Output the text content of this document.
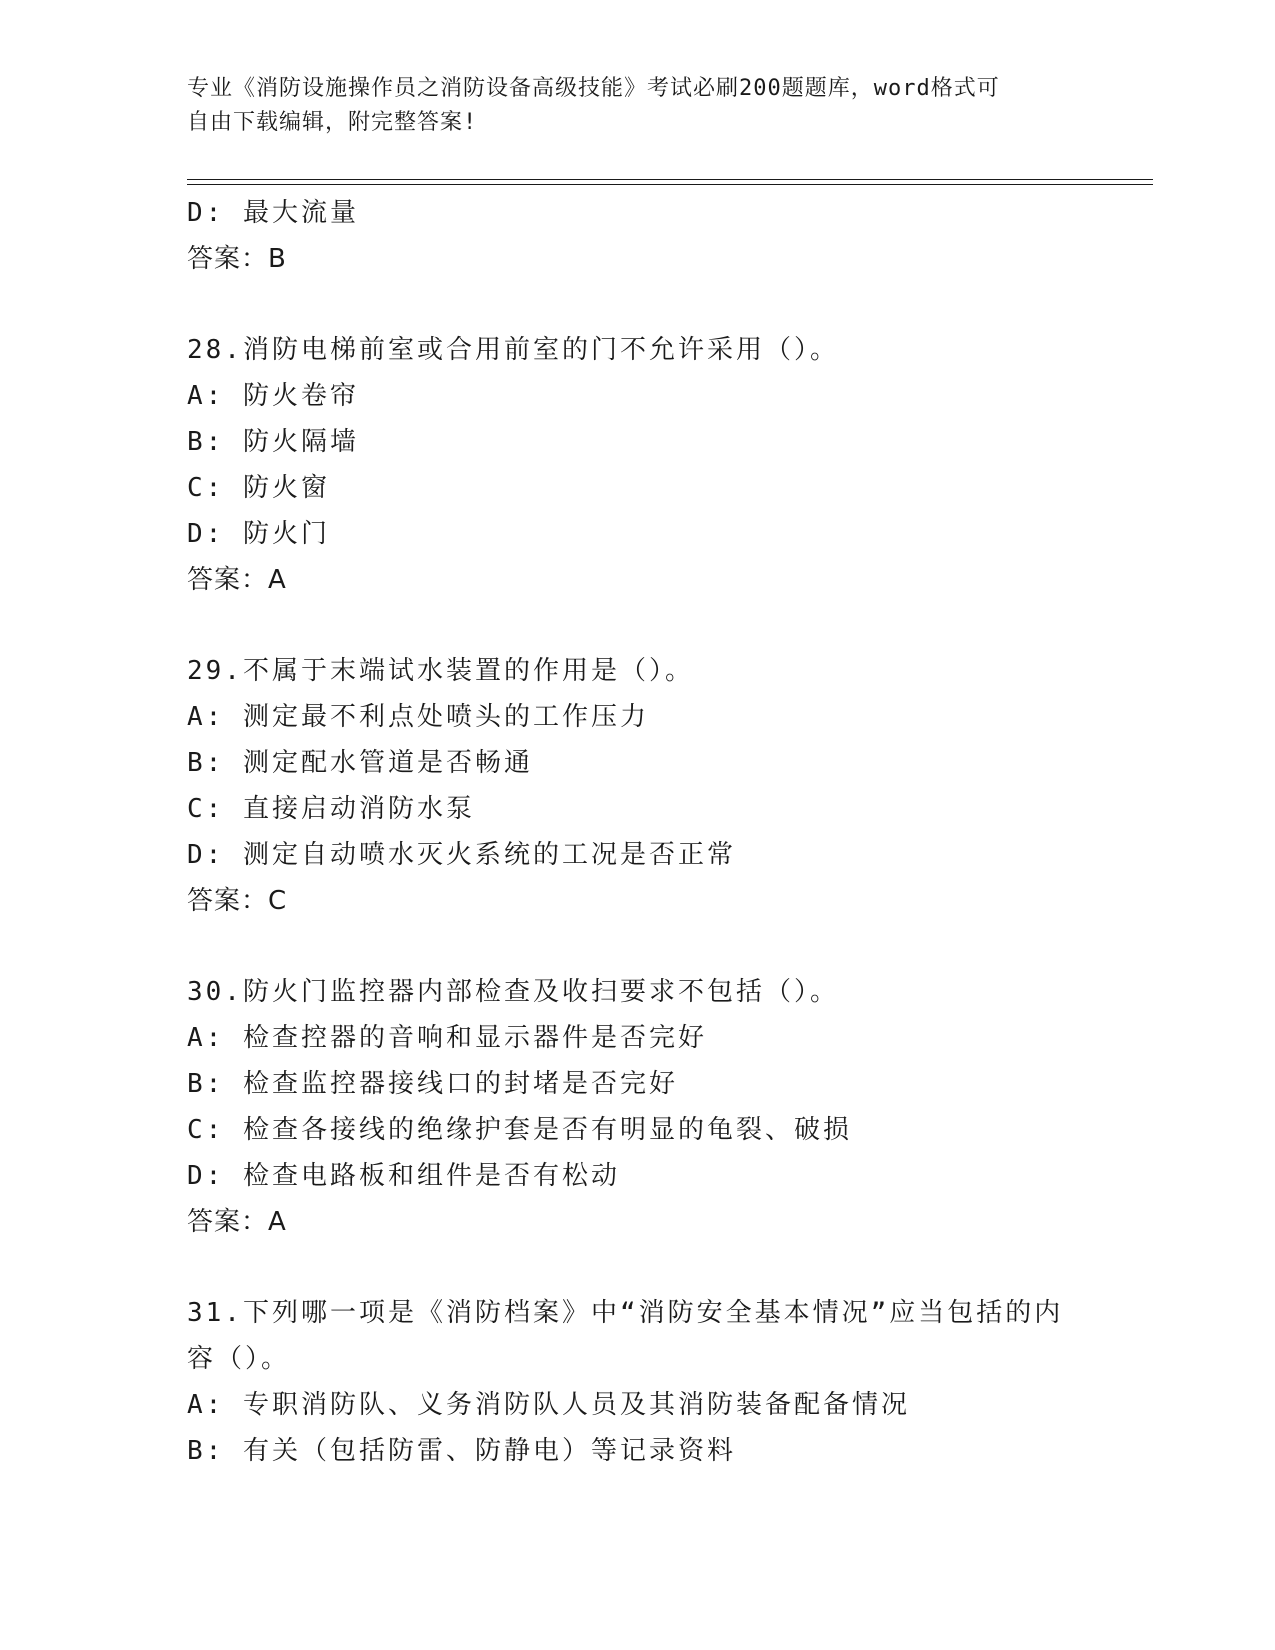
专业《消防设施操作员之消防设备高级技能》考试必刷200题题库，word格式可
自由下载编辑，附完整答案!
D: 最大流量
答案：B
28.消防电梯前室或合用前室的门不允许采用（）。
A: 防火卷帘
B: 防火隔墙
C: 防火窗
D: 防火门
答案：A
29.不属于末端试水装置的作用是（）。
A: 测定最不利点处喷头的工作压力
B: 测定配水管道是否畅通
C: 直接启动消防水泵
D: 测定自动喷水灭火系统的工况是否正常
答案：C
30.防火门监控器内部检查及收扫要求不包括（）。
A: 检查控器的音响和显示器件是否完好
B: 检查监控器接线口的封堵是否完好
C: 检查各接线的绝缘护套是否有明显的龟裂、破损
D: 检查电路板和组件是否有松动
答案：A
31.下列哪一项是《消防档案》中“消防安全基本情况”应当包括的内
容（）。
A: 专职消防队、义务消防队人员及其消防装备配备情况
B: 有关（包括防雷、防静电）等记录资料
